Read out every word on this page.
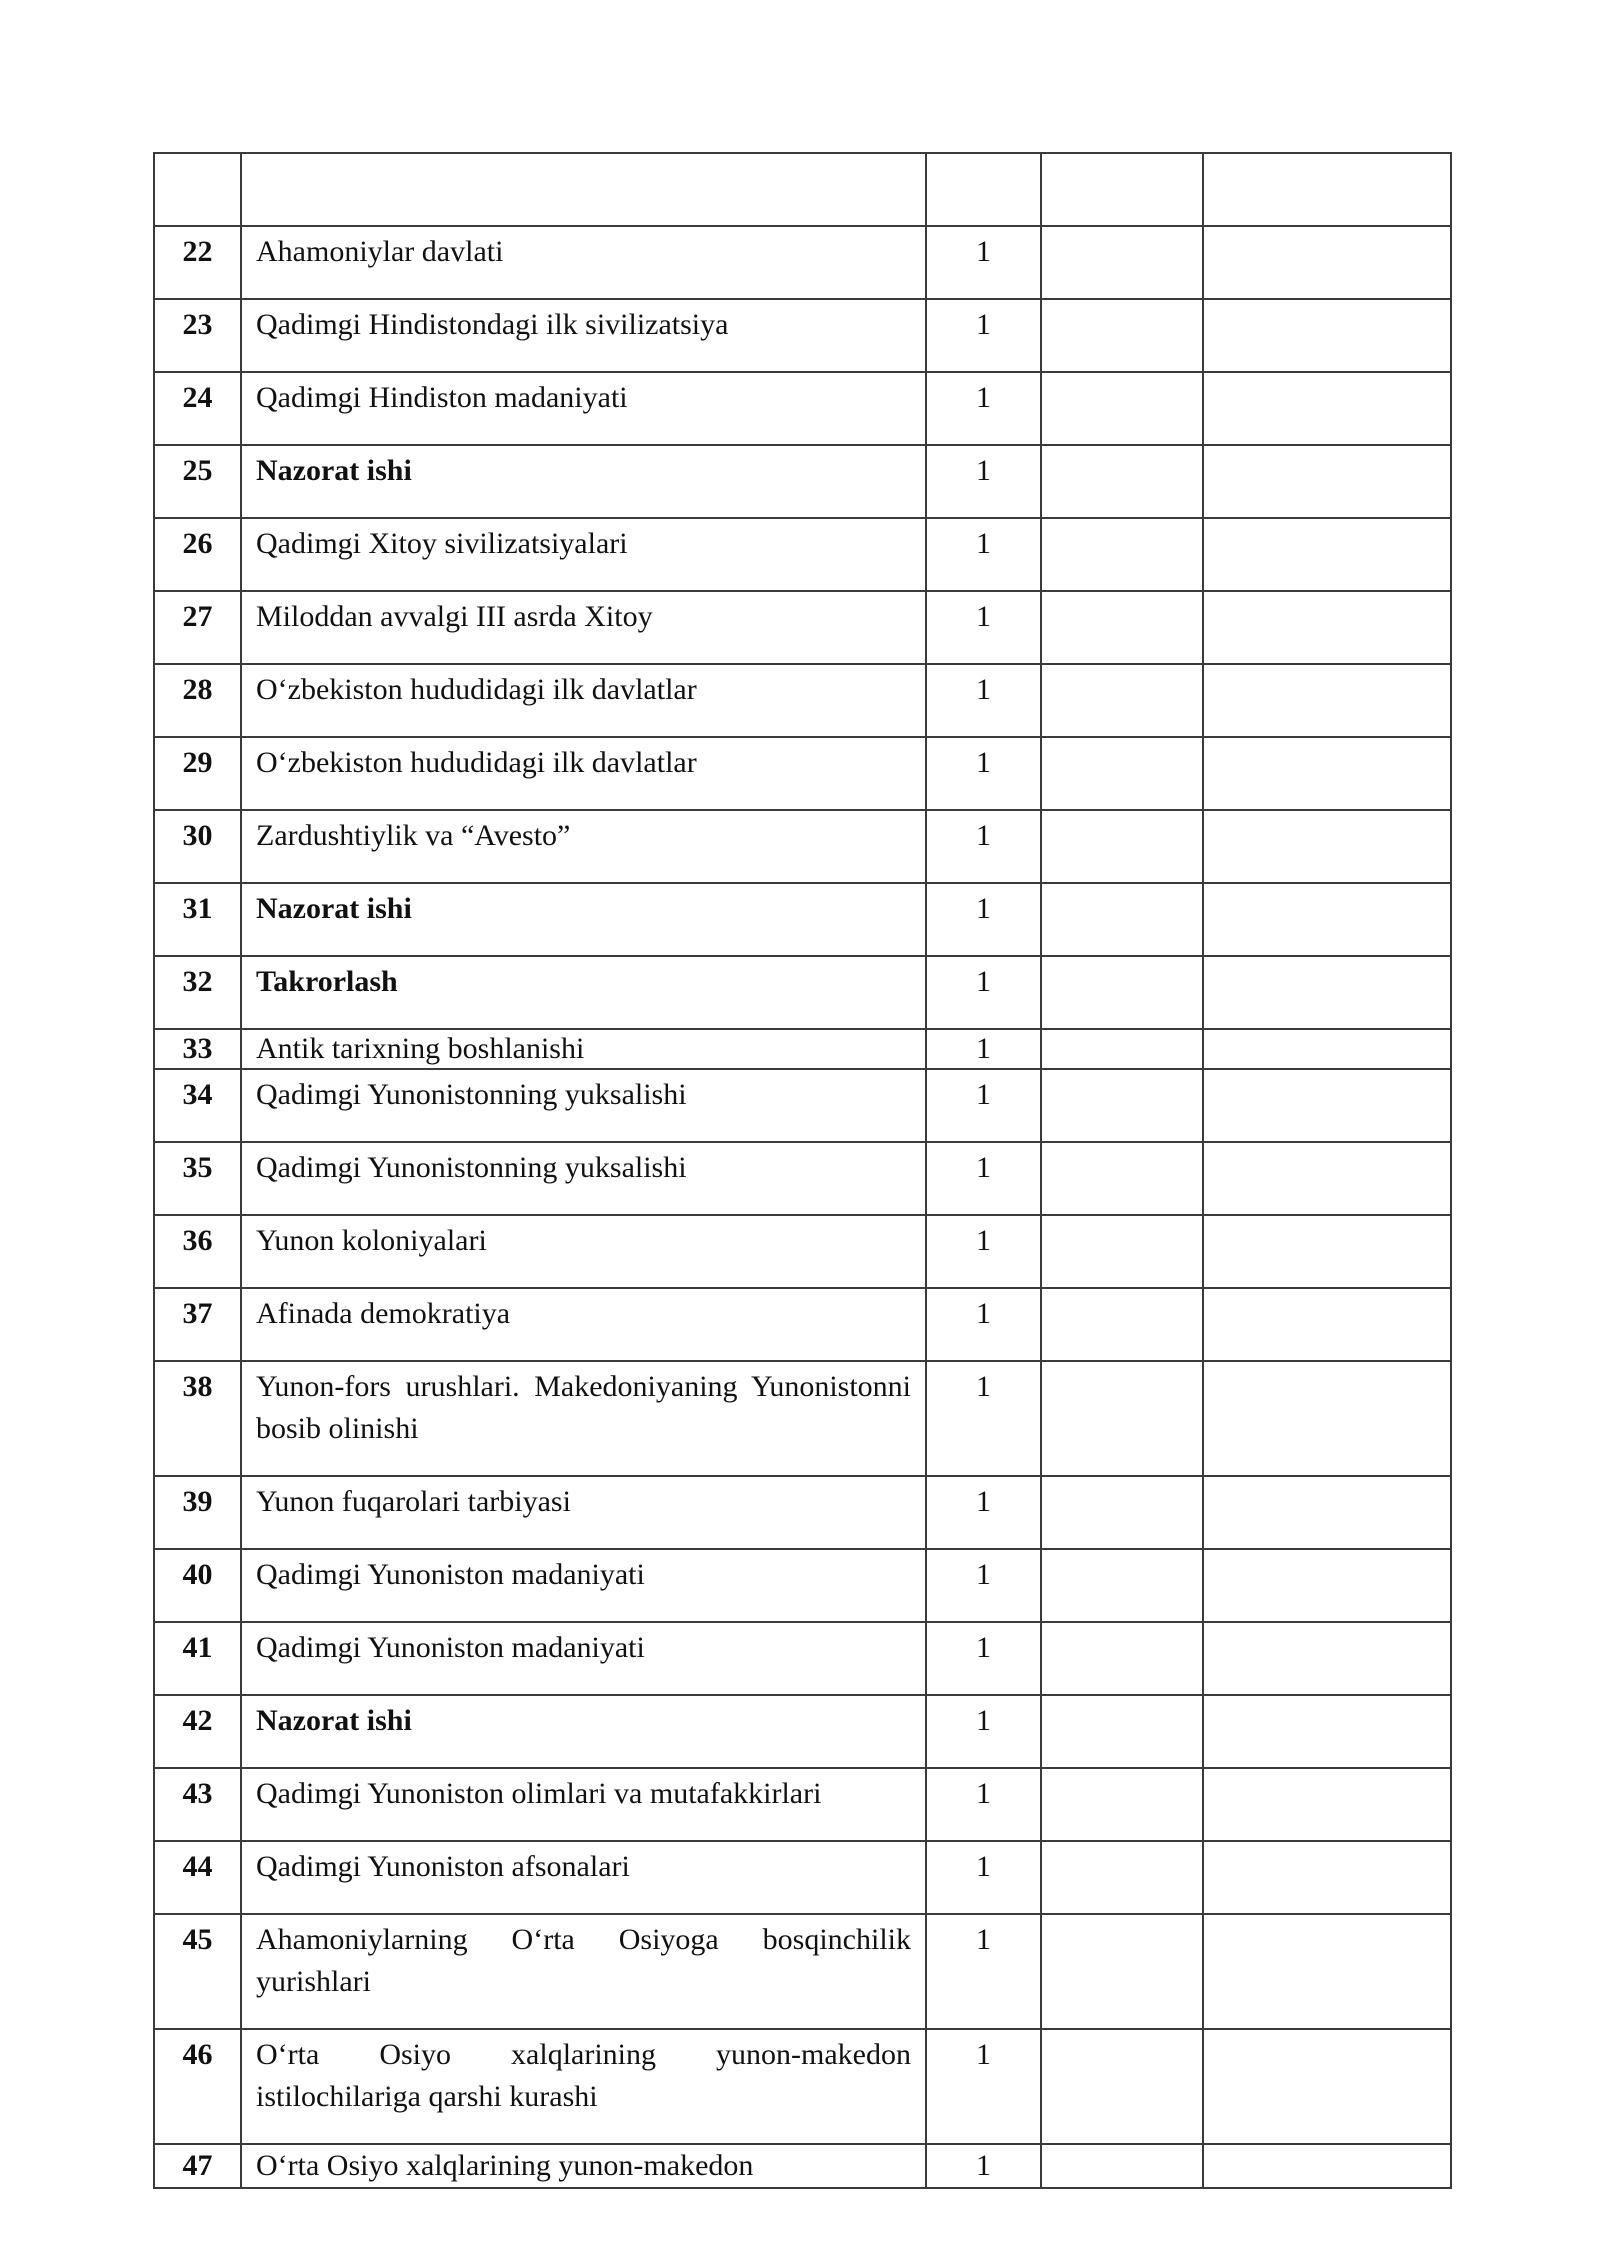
22	Ahamoniylar davlati	1		
23	Qadimgi Hindistondagi ilk sivilizatsiya	1		
24	Qadimgi Hindiston madaniyati	1		
25	Nazorat ishi	1		
26	Qadimgi Xitoy sivilizatsiyalari	1		
27	Miloddan avvalgi III asrda Xitoy	1		
28	O‘zbekiston hududidagi ilk davlatlar	1		
29	O‘zbekiston hududidagi ilk davlatlar	1		
30	Zardushtiylik va “Avesto”	1		
31	Nazorat ishi	1		
32	Takrorlash	1		
33	Antik tarixning boshlanishi	1		
34	Qadimgi Yunonistonning yuksalishi	1		
35	Qadimgi Yunonistonning yuksalishi	1		
36	Yunon koloniyalari	1		
37	Afinada demokratiya	1		
38	Yunon-fors urushlari. Makedoniyaning Yunonistonni bosib olinishi	1		
39	Yunon fuqarolari tarbiyasi	1		
40	Qadimgi Yunoniston madaniyati	1		
41	Qadimgi Yunoniston madaniyati	1		
42	Nazorat ishi	1		
43	Qadimgi Yunoniston olimlari va mutafakkirlari	1		
44	Qadimgi Yunoniston afsonalari	1		
45	Ahamoniylarning O‘rta Osiyoga bosqinchilik yurishlari	1		
46	O‘rta Osiyo xalqlarining yunon-makedon istilochilariga qarshi kurashi	1		
47	O‘rta Osiyo xalqlarining yunon-makedon	1		
